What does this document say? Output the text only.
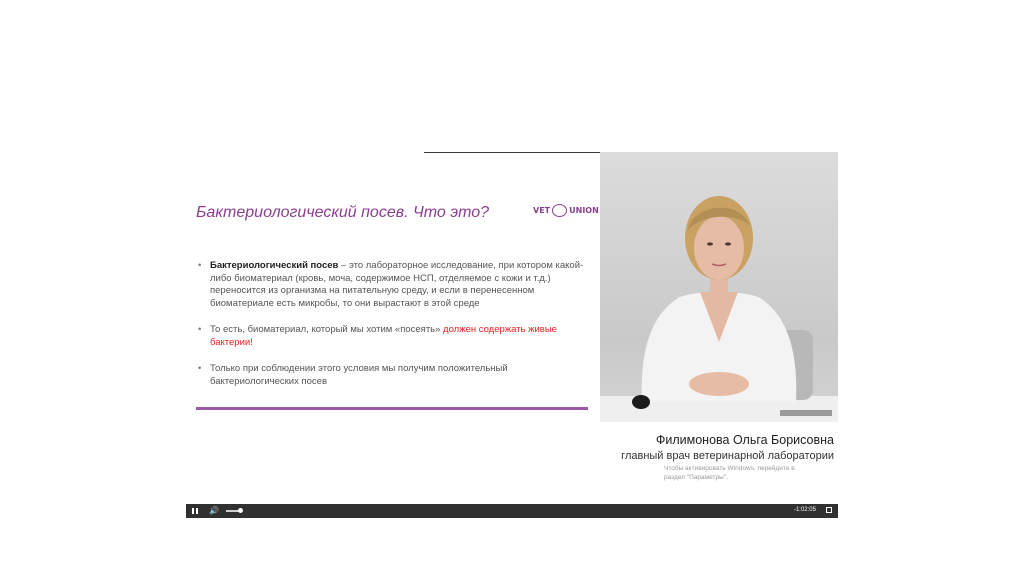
Бактериологический посев. Что это?	VET UNION
• Бактериологический посев – это лабораторное исследование, при котором какой-либо биоматериал (кровь, моча, содержимое НСП, отделяемое с кожи и т.д.) переносится из организма на питательную среду, и если в перенесенном биоматериале есть микробы, то они вырастают в этой среде
• То есть, биоматериал, который мы хотим «посеять» должен содержать живые бактерии!
• Только при соблюдении этого условия мы получим положительный бактериологических посев
Филимонова Ольга Борисовна
главный врач ветеринарной лаборатории
Чтобы активировать Windows, перейдите в
раздел "Параметры".
🔊	-1:02:05
